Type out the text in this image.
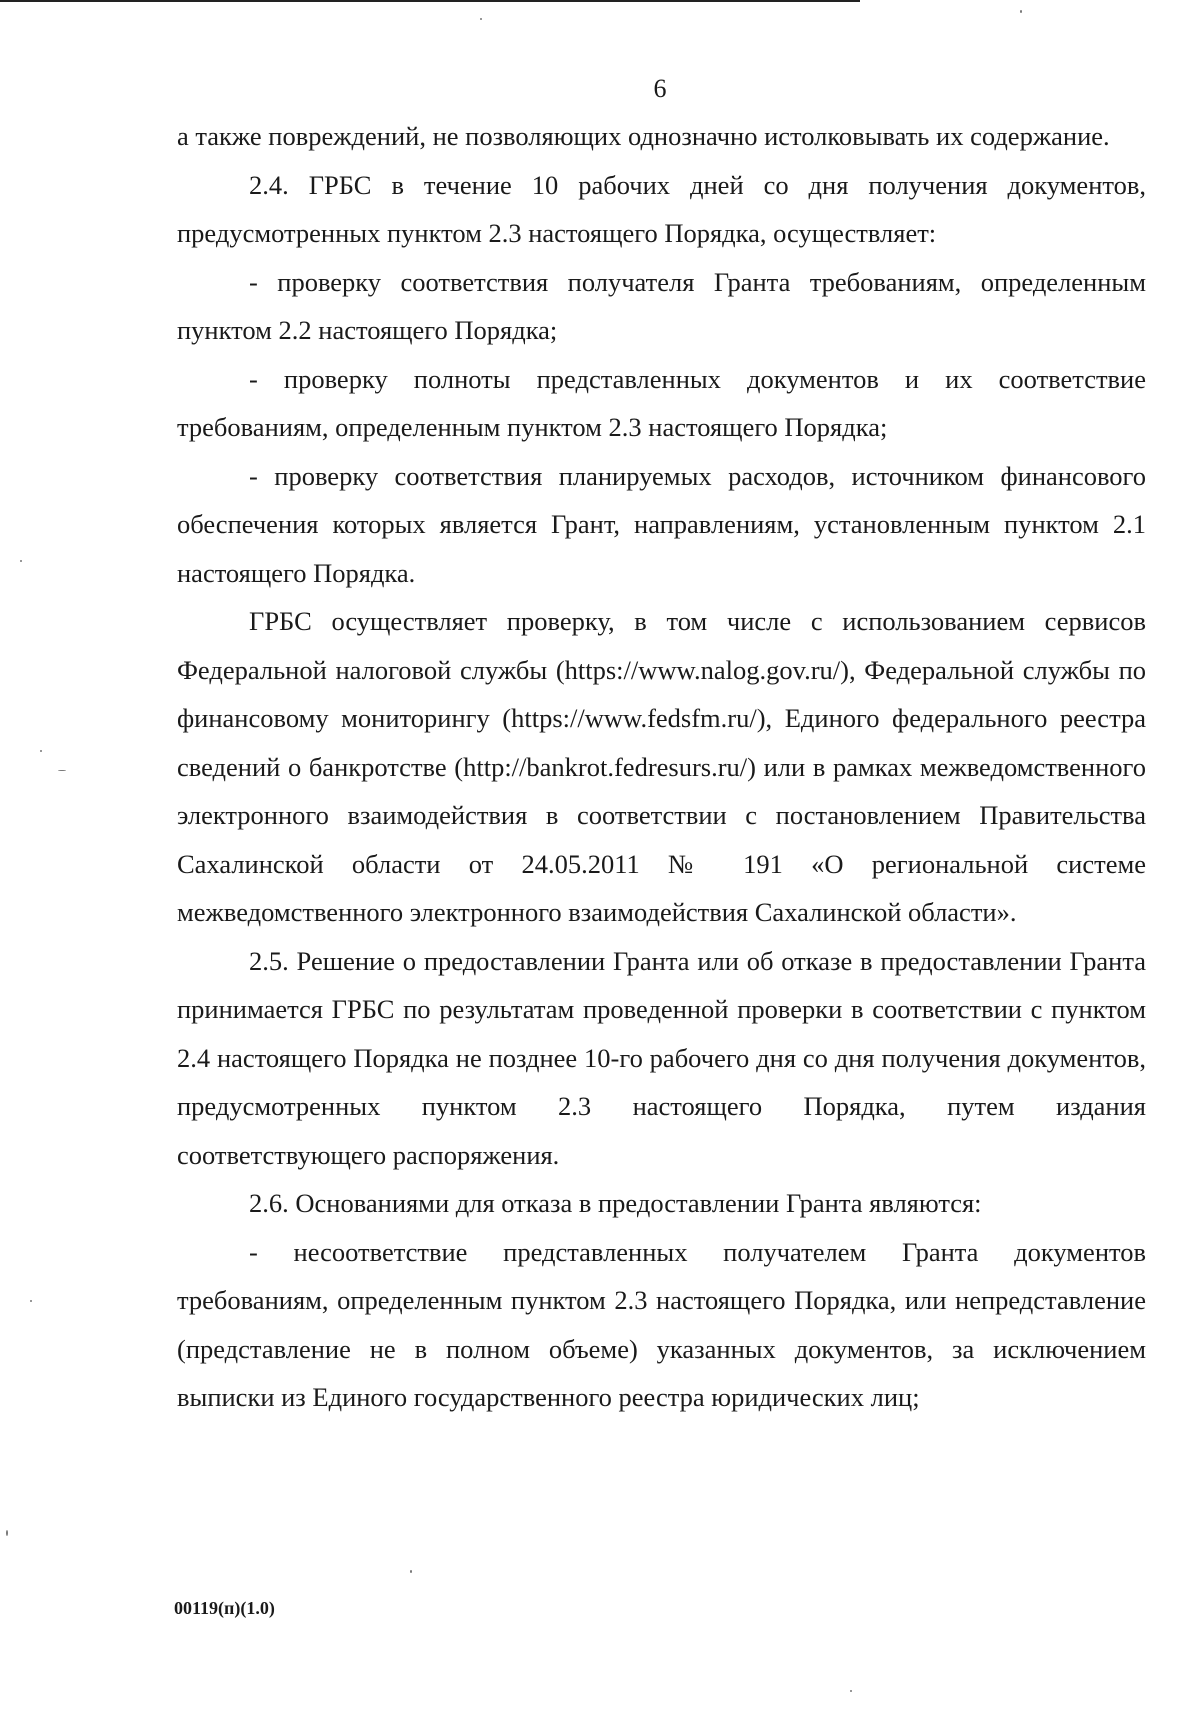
6

а также повреждений, не позволяющих однозначно истолковывать их содержание.

2.4. ГРБС в течение 10 рабочих дней со дня получения документов, предусмотренных пунктом 2.3 настоящего Порядка, осуществляет:

- проверку соответствия получателя Гранта требованиям, определенным пунктом 2.2 настоящего Порядка;

- проверку полноты представленных документов и их соответствие требованиям, определенным пунктом 2.3 настоящего Порядка;

- проверку соответствия планируемых расходов, источником финансового обеспечения которых является Грант, направлениям, установленным пунктом 2.1 настоящего Порядка.

ГРБС осуществляет проверку, в том числе с использованием сервисов Федеральной налоговой службы (https://www.nalog.gov.ru/), Федеральной службы по финансовому мониторингу (https://www.fedsfm.ru/), Единого федерального реестра сведений о банкротстве (http://bankrot.fedresurs.ru/) или в рамках межведомственного электронного взаимодействия в соответствии с постановлением Правительства Сахалинской области от 24.05.2011 № 191 «О региональной системе межведомственного электронного взаимодействия Сахалинской области».

2.5. Решение о предоставлении Гранта или об отказе в предоставлении Гранта принимается ГРБС по результатам проведенной проверки в соответствии с пунктом 2.4 настоящего Порядка не позднее 10-го рабочего дня со дня получения документов, предусмотренных пунктом 2.3 настоящего Порядка, путем издания соответствующего распоряжения.

2.6. Основаниями для отказа в предоставлении Гранта являются:

- несоответствие представленных получателем Гранта документов требованиям, определенным пунктом 2.3 настоящего Порядка, или непредставление (представление не в полном объеме) указанных документов, за исключением выписки из Единого государственного реестра юридических лиц;

00119(п)(1.0)
